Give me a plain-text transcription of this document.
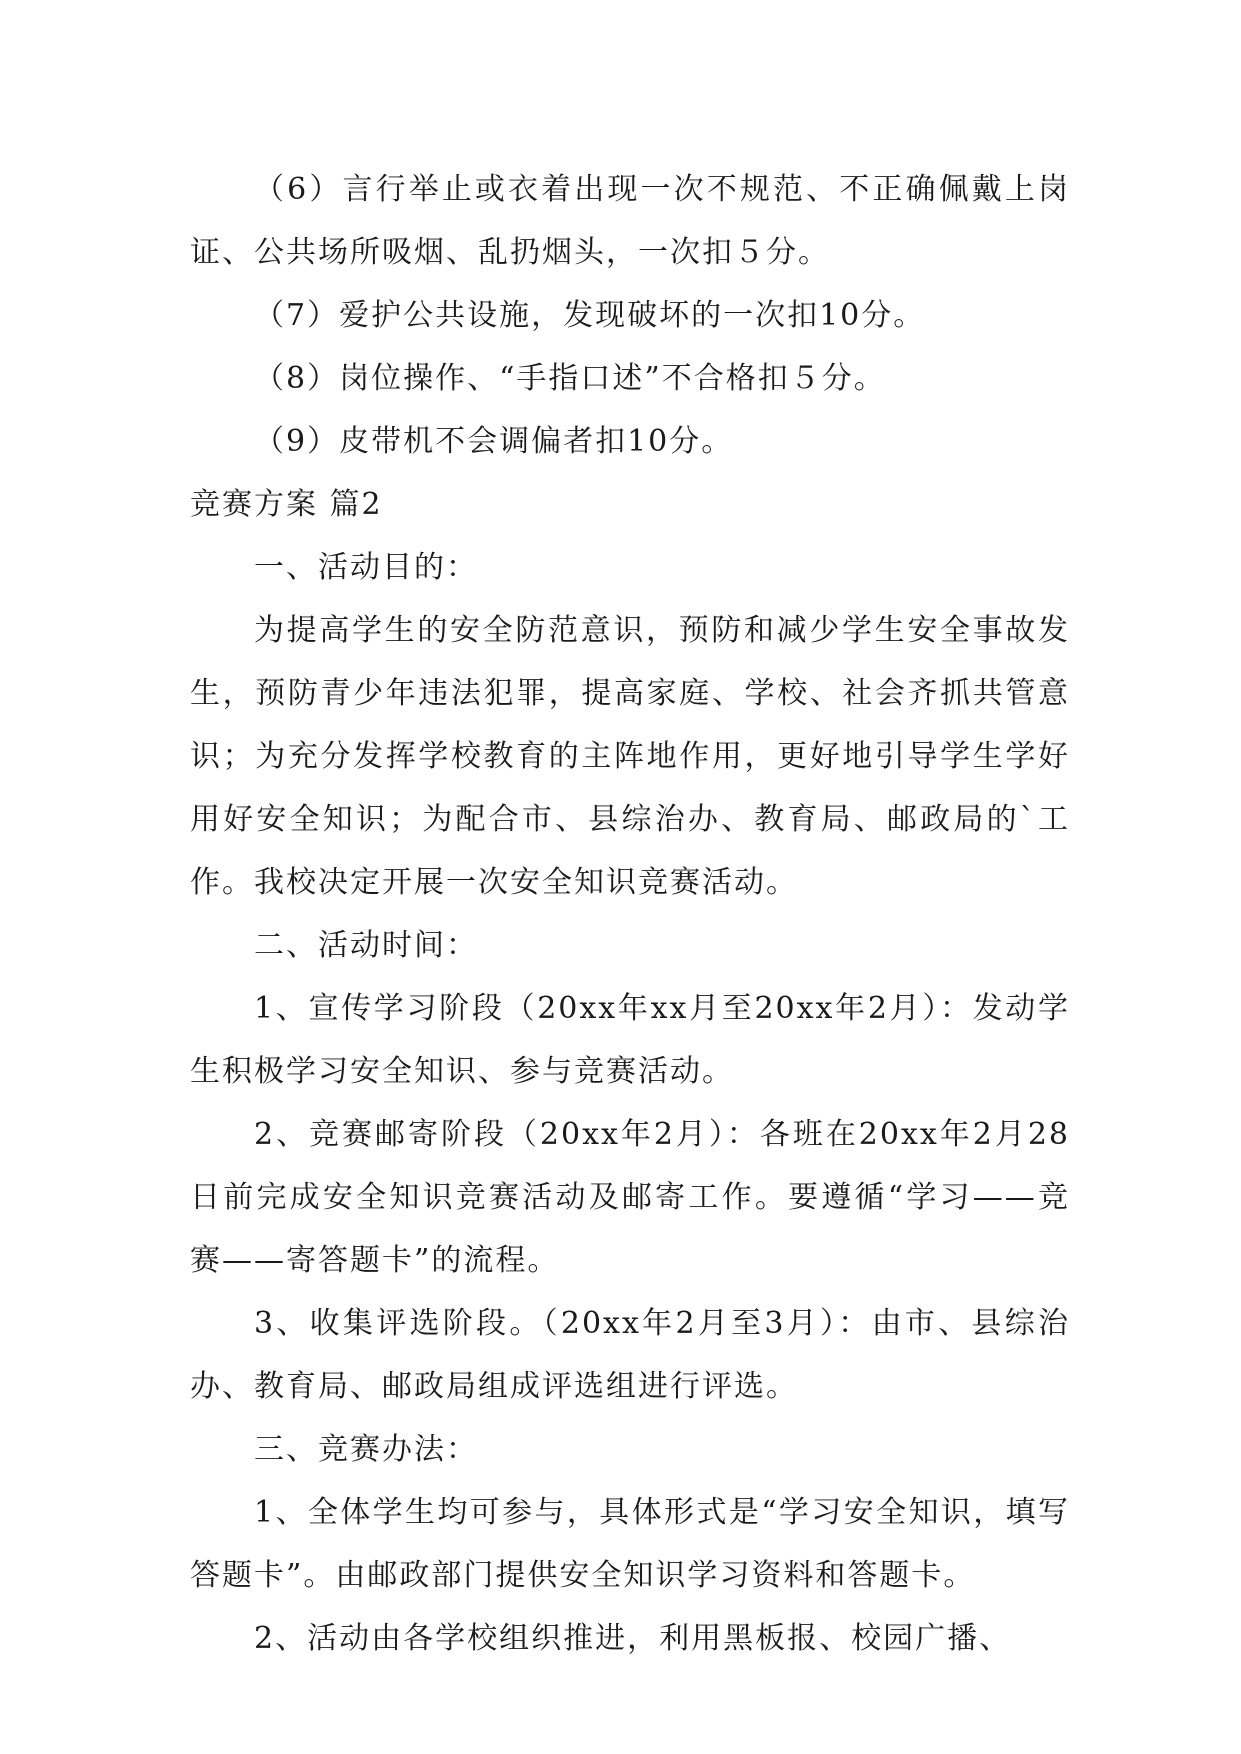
（6）言行举止或衣着出现一次不规范、不正确佩戴上岗证、公共场所吸烟、乱扔烟头，一次扣５分。

（7）爱护公共设施，发现破坏的一次扣10分。

（8）岗位操作、“手指口述”不合格扣５分。

（9）皮带机不会调偏者扣10分。

竞赛方案 篇2

一、活动目的：

为提高学生的安全防范意识，预防和减少学生安全事故发生，预防青少年违法犯罪，提高家庭、学校、社会齐抓共管意识；为充分发挥学校教育的主阵地作用，更好地引导学生学好用好安全知识；为配合市、县综治办、教育局、邮政局的`工作。我校决定开展一次安全知识竞赛活动。

二、活动时间：

1、宣传学习阶段（20xx年xx月至20xx年2月）：发动学生积极学习安全知识、参与竞赛活动。

2、竞赛邮寄阶段（20xx年2月）：各班在20xx年2月28日前完成安全知识竞赛活动及邮寄工作。要遵循“学习——竞赛——寄答题卡”的流程。

3、收集评选阶段。（20xx年2月至3月）：由市、县综治办、教育局、邮政局组成评选组进行评选。

三、竞赛办法：

1、全体学生均可参与，具体形式是“学习安全知识，填写答题卡”。由邮政部门提供安全知识学习资料和答题卡。

2、活动由各学校组织推进，利用黑板报、校园广播、
